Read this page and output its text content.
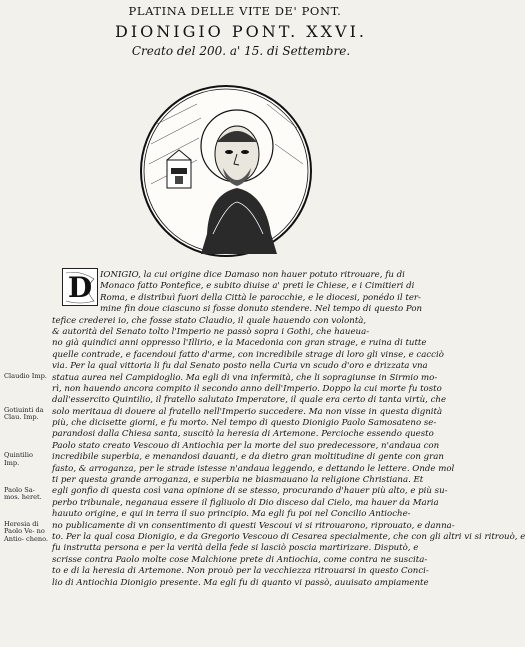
PLATINA DELLE VITE DE' PONT.
DIONIGIO PONT. XXVI.
Creato del 200. a' 15. di Settembre.
D
Claudio Imp.
Gotiuinti da Clau. Imp.
Quintilio Imp.
Paolo Sa- mos. heret.
Heresia di Paolo Ve- no Antio- cheno.
IONIGIO, la cui origine dice Damaso non hauer potuto ritrouare, fu di
Monaco fatto Pontefice, e subito diuise a' preti le Chiese, e i Cimitieri di
Roma, e distribuì fuori della Città le parocchie, e le diocesi, ponédo il ter-
mine fin doue ciascuno si fosse donuto stendere. Nel tempo di questo Pon
tefice crederei io, che fosse stato Claudio, il quale hauendo con volontà,
& autorità del Senato tolto l'Imperio ne passò sopra i Gothi, che haueua-
no già quindici anni oppresso l'Illirio, e la Macedonia con gran strage, e ruina di tutte
quelle contrade, e facendoui fatto d'arme, con incredibile strage di loro gli vinse, e cacciò
via. Per la qual vittoria li fu dal Senato posto nella Curia vn scudo d'oro e drizzata vna
statua aurea nel Campidoglio. Ma egli di vna infermità, che li sopragiunse in Sirmio mo-
rì, non hauendo ancora compito il secondo anno dell'Imperio. Doppo la cui morte fu tosto
dall'essercito Quintilio, il fratello salutato Imperatore, il quale era certo di tanta virtù, che
solo meritaua di douere al fratello nell'Imperio succedere. Ma non visse in questa dignità
più, che dicisette giorni, e fu morto. Nel tempo di questo Dionigio Paolo Samosateno se-
parandosi dalla Chiesa santa, suscitò la heresia di Artemone. Percioche essendo questo
Paolo stato creato Vescouo di Antiochia per la morte del suo predecessore, n'andaua con
incredibile superbia, e menandosi dauanti, e da dietro gran moltitudine di gente con gran
fasto, & arroganza, per le strade istesse n'andaua leggendo, e dettando le lettere. Onde mol
ti per questa grande arroganza, e superbia ne biasmauano la religione Christiana. Et
egli gonfio di questa così vana opinione di se stesso, procurando d'hauer più alto, e più su-
perbo tribunale, neganaua essere il figliuolo di Dio disceso dal Cielo, ma hauer da Maria
hauuto origine, e qui in terra il suo principio. Ma egli fu poi nel Concilio Antioche-
no publicamente di vn consentimento di questi Vescoui vi si ritrouarono, riprouato, e danna-
to. Per la qual cosa Dionigio, e da Gregorio Vescouo di Cesarea specialmente, che con gli altri vi si ritrouò, e
fu instrutta persona e per la verità della fede si lasciò poscia martirizare. Disputò, e
scrisse contra Paolo molte cose Malchione prete di Antiochia, come contra ne suscita-
to e di la heresia di Artemone. Non prouò per la vecchiezza ritrouarsi in questo Conci-
lio di Antiochia Dionigio presente. Ma egli fu di quanto vi passò, auuisato ampiamente
